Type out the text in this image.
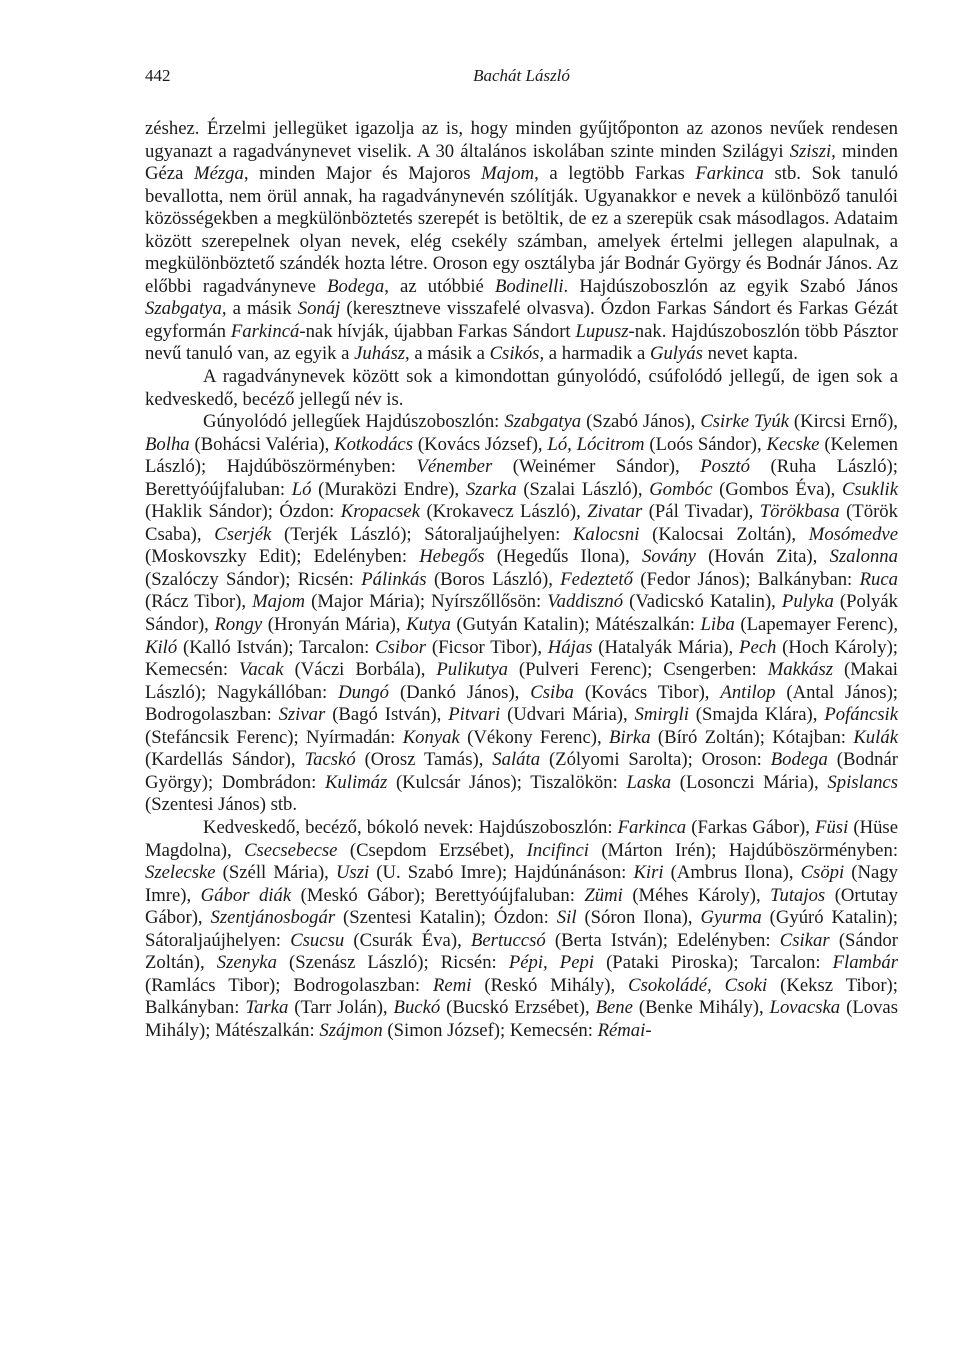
442	Bachát László

zéshez. Érzelmi jellegüket igazolja az is, hogy minden gyűjtőponton az azonos nevűek rendesen ugyanazt a ragadványnevet viselik. A 30 általános iskolában szinte minden Szilágyi Sziszi, minden Géza Mézga, minden Major és Majoros Majom, a legtöbb Farkas Farkinca stb. Sok tanuló bevallotta, nem örül annak, ha ragadványnevén szólítják. Ugyanakkor e nevek a különböző tanulói közösségekben a megkülönböztetés szerepét is betöltik, de ez a szerepük csak másodlagos. Adataim között szerepelnek olyan nevek, elég csekély számban, amelyek értelmi jellegen alapulnak, a megkülönböztető szándék hozta létre. Oroson egy osztályba jár Bodnár György és Bodnár János. Az előbbi ragadványneve Bodega, az utóbbié Bodinelli. Hajdúszoboszlón az egyik Szabó János Szabgatya, a másik Sonáj (keresztneve visszafelé olvasva). Ózdon Farkas Sándort és Farkas Gézát egyformán Farkincá-nak hívják, újabban Farkas Sándort Lupusz-nak. Hajdúszoboszlón több Pásztor nevű tanuló van, az egyik a Juhász, a másik a Csikós, a harmadik a Gulyás nevet kapta.

A ragadványnevek között sok a kimondottan gúnyolódó, csúfolódó jellegű, de igen sok a kedveskedő, becéző jellegű név is.

Gúnyolódó jellegűek Hajdúszoboszlón: Szabgatya (Szabó János), Csirke Tyúk (Kircsi Ernő), Bolha (Bohácsi Valéria), Kotkodács (Kovács József), Ló, Lócitrom (Loós Sándor), Kecske (Kelemen László); Hajdúböszörményben: Vénember (Weinémer Sándor), Posztó (Ruha László); Berettyóújfaluban: Ló (Muraközi Endre), Szarka (Szalai László), Gombóc (Gombos Éva), Csuklik (Haklik Sándor); Ózdon: Kropacsek (Krokavecz László), Zivatar (Pál Tivadar), Törökbasa (Török Csaba), Cserjék (Terjék László); Sátoraljaújhelyen: Kalocsni (Kalocsai Zoltán), Mosómedve (Moskovszky Edit); Edelényben: Hebegős (Hegedűs Ilona), Sovány (Hován Zita), Szalonna (Szalóczy Sándor); Ricsén: Pálinkás (Boros László), Fedeztető (Fedor János); Balkányban: Ruca (Rácz Tibor), Majom (Major Mária); Nyírszőllősön: Vaddisznó (Vadicskó Katalin), Pulyka (Polyák Sándor), Rongy (Hronyán Mária), Kutya (Gutyán Katalin); Mátészalkán: Liba (Lapemayer Ferenc), Kiló (Kalló István); Tarcalon: Csibor (Ficsor Tibor), Hájas (Hatalyák Mária), Pech (Hoch Károly); Kemecsén: Vacak (Váczi Borbála), Pulikutya (Pulveri Ferenc); Csengerben: Makkász (Makai László); Nagykállóban: Dungó (Dankó János), Csiba (Kovács Tibor), Antilop (Antal János); Bodrogolaszban: Szivar (Bagó István), Pitvari (Udvari Mária), Smirgli (Smajda Klára), Pofáncsik (Stefáncsik Ferenc); Nyírmadán: Konyak (Vékony Ferenc), Birka (Bíró Zoltán); Kótajban: Kulák (Kardellás Sándor), Tacskó (Orosz Tamás), Saláta (Zólyomi Sarolta); Oroson: Bodega (Bodnár György); Dombrádon: Kulimáz (Kulcsár János); Tiszalökön: Laska (Losonczi Mária), Spislancs (Szentesi János) stb.

Kedveskedő, becéző, bókoló nevek: Hajdúszoboszlón: Farkinca (Farkas Gábor), Füsi (Hüse Magdolna), Csecsebecse (Csepdom Erzsébet), Incifinci (Márton Irén); Hajdúböszörményben: Szelecske (Széll Mária), Uszi (U. Szabó Imre); Hajdúnánáson: Kiri (Ambrus Ilona), Csöpi (Nagy Imre), Gábor diák (Meskó Gábor); Berettyóújfaluban: Zümi (Méhes Károly), Tutajos (Ortutay Gábor), Szentjánosbogár (Szentesi Katalin); Ózdon: Sil (Sóron Ilona), Gyurma (Gyúró Katalin); Sátoraljaújhelyen: Csucsu (Csurák Éva), Bertuccsó (Berta István); Edelényben: Csikar (Sándor Zoltán), Szenyka (Szenász László); Ricsén: Pépi, Pepi (Pataki Piroska); Tarcalon: Flambár (Ramlács Tibor); Bodrogolaszban: Remi (Reskó Mihály), Csokoládé, Csoki (Keksz Tibor); Balkányban: Tarka (Tarr Jolán), Buckó (Bucskó Erzsébet), Bene (Benke Mihály), Lovacska (Lovas Mihály); Mátészalkán: Szájmon (Simon József); Kemecsén: Rémai-
